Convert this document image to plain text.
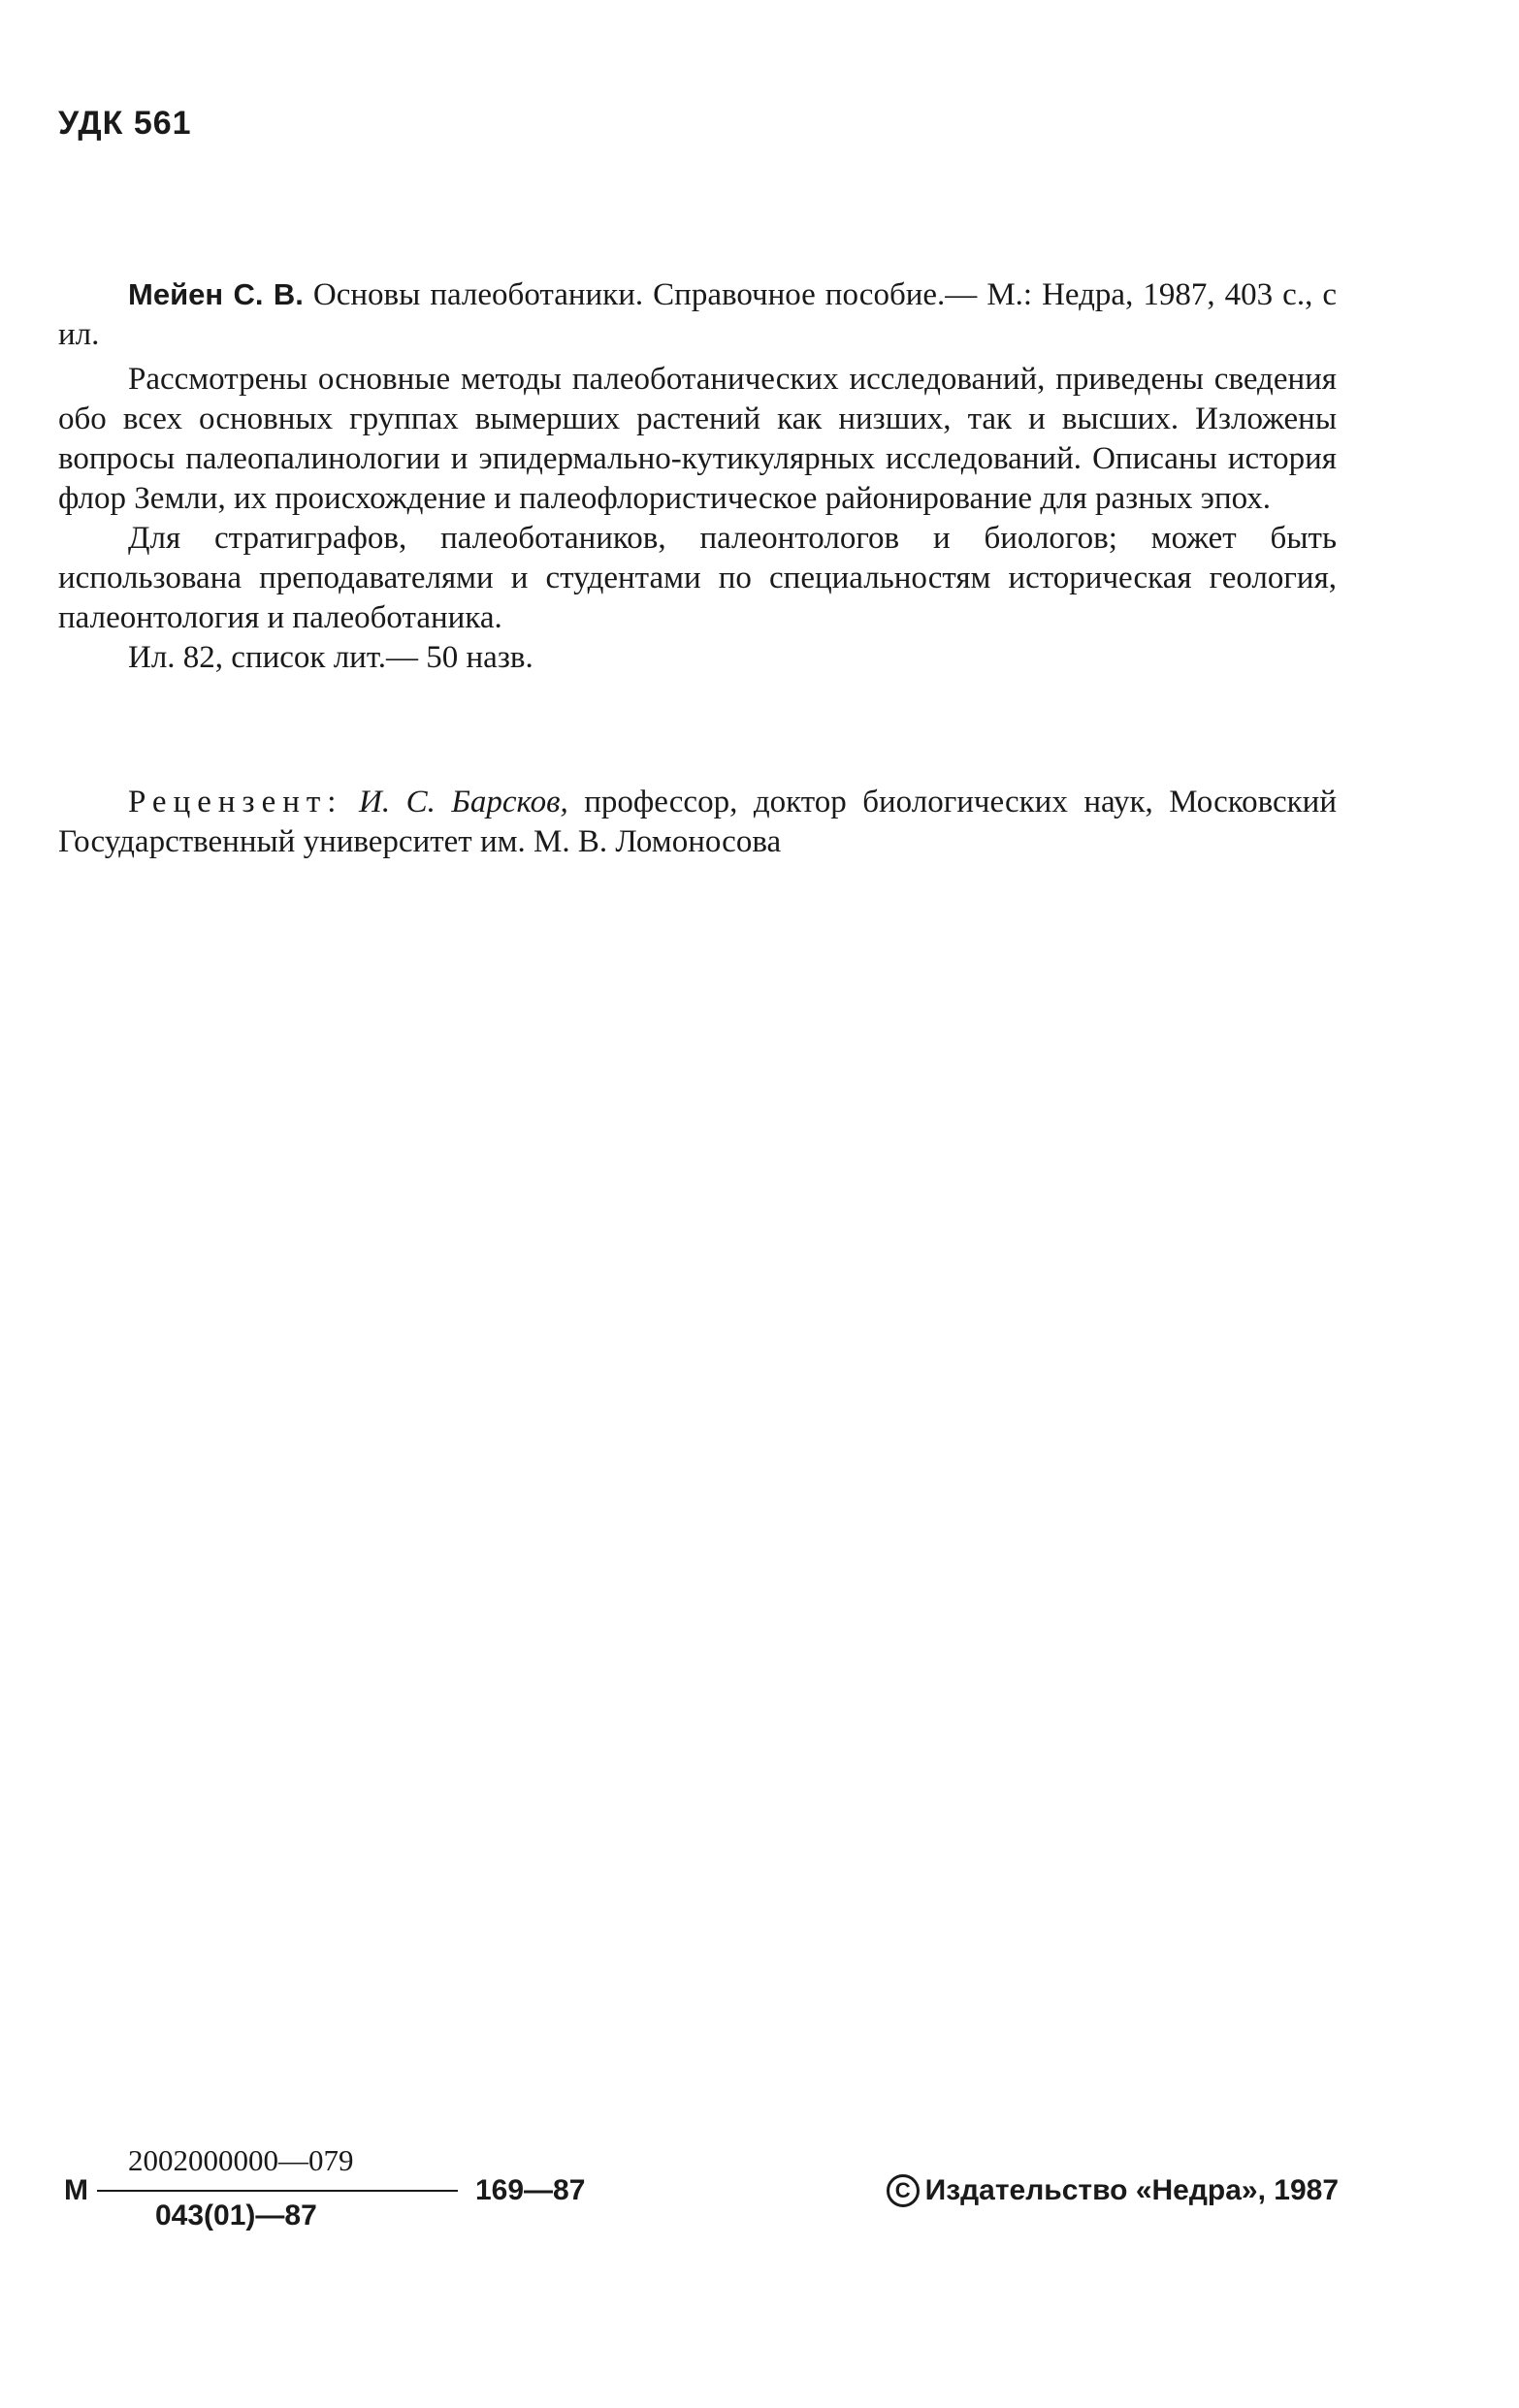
УДК 561

Мейен С. В. Основы палеоботаники. Справочное пособие.— М.: Недра, 1987, 403 с., с ил.

Рассмотрены основные методы палеоботанических исследований, приведены сведения обо всех основных группах вымерших растений как низших, так и высших. Изложены вопросы палеопалинологии и эпидермально-кутикулярных исследований. Описаны история флор Земли, их происхождение и палеофлористическое районирование для разных эпох.

Для стратиграфов, палеоботаников, палеонтологов и биологов; может быть использована преподавателями и студентами по специальностям историческая геология, палеонтология и палеоботаника.

Ил. 82, список лит.— 50 назв.

Рецензент: И. С. Барсков, профессор, доктор биологических наук, Московский Государственный университет им. М. В. Ломоносова

М
2002000000—079
043(01)—87
169—87	С Издательство «Недра», 1987
